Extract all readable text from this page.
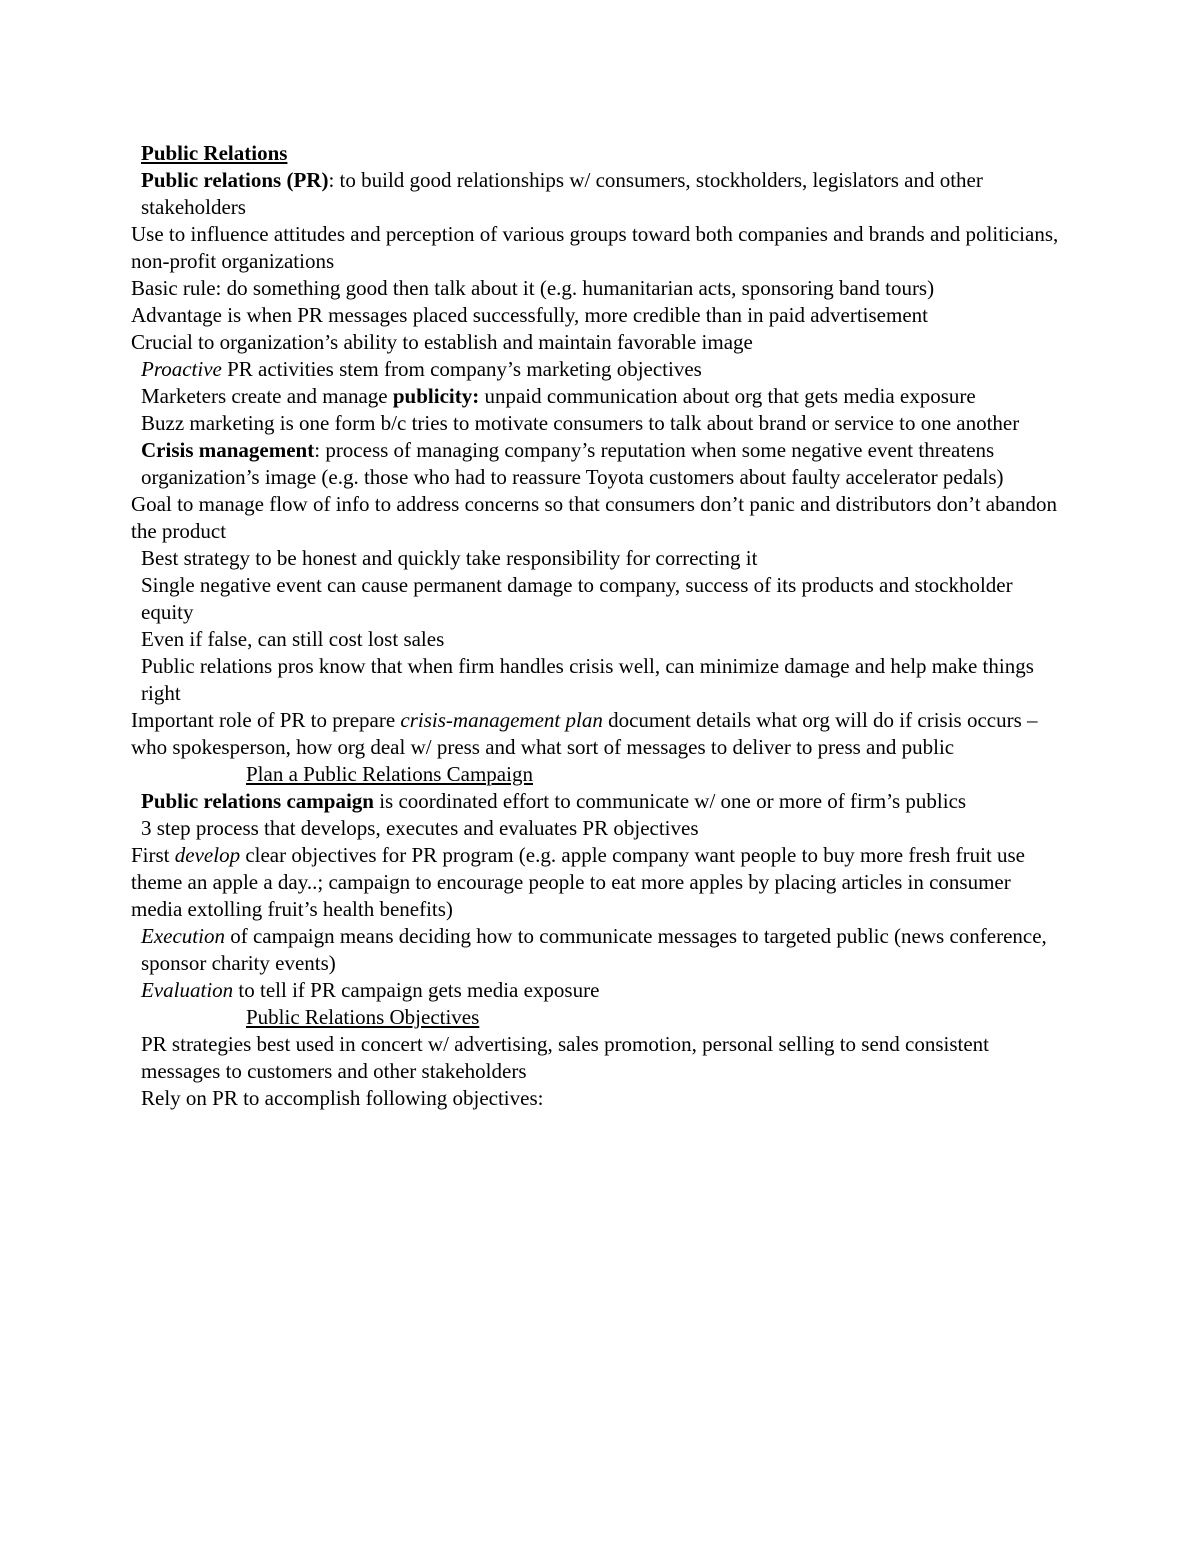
Public Relations

Public relations (PR): to build good relationships w/ consumers, stockholders, legislators and other stakeholders

Use to influence attitudes and perception of various groups toward both companies and brands and politicians, non-profit organizations

Basic rule: do something good then talk about it (e.g. humanitarian acts, sponsoring band tours)

Advantage is when PR messages placed successfully, more credible than in paid advertisement

Crucial to organization’s ability to establish and maintain favorable image

Proactive PR activities stem from company’s marketing objectives

Marketers create and manage publicity: unpaid communication about org that gets media exposure

Buzz marketing is one form b/c tries to motivate consumers to talk about brand or service to one another

Crisis management: process of managing company’s reputation when some negative event threatens organization’s image (e.g. those who had to reassure Toyota customers about faulty accelerator pedals)

Goal to manage flow of info to address concerns so that consumers don’t panic and distributors don’t abandon the product

Best strategy to be honest and quickly take responsibility for correcting it

Single negative event can cause permanent damage to company, success of its products and stockholder equity

Even if false, can still cost lost sales

Public relations pros know that when firm handles crisis well, can minimize damage and help make things right

Important role of PR to prepare crisis-management plan document details what org will do if crisis occurs – who spokesperson, how org deal w/ press and what sort of messages to deliver to press and public

Plan a Public Relations Campaign

Public relations campaign is coordinated effort to communicate w/ one or more of firm’s publics

3 step process that develops, executes and evaluates PR objectives

First develop clear objectives for PR program (e.g. apple company want people to buy more fresh fruit use theme an apple a day..; campaign to encourage people to eat more apples by placing articles in consumer media extolling fruit’s health benefits)

Execution of campaign means deciding how to communicate messages to targeted public (news conference, sponsor charity events)

Evaluation to tell if PR campaign gets media exposure

Public Relations Objectives

PR strategies best used in concert w/ advertising, sales promotion, personal selling to send consistent messages to customers and other stakeholders

Rely on PR to accomplish following objectives:
